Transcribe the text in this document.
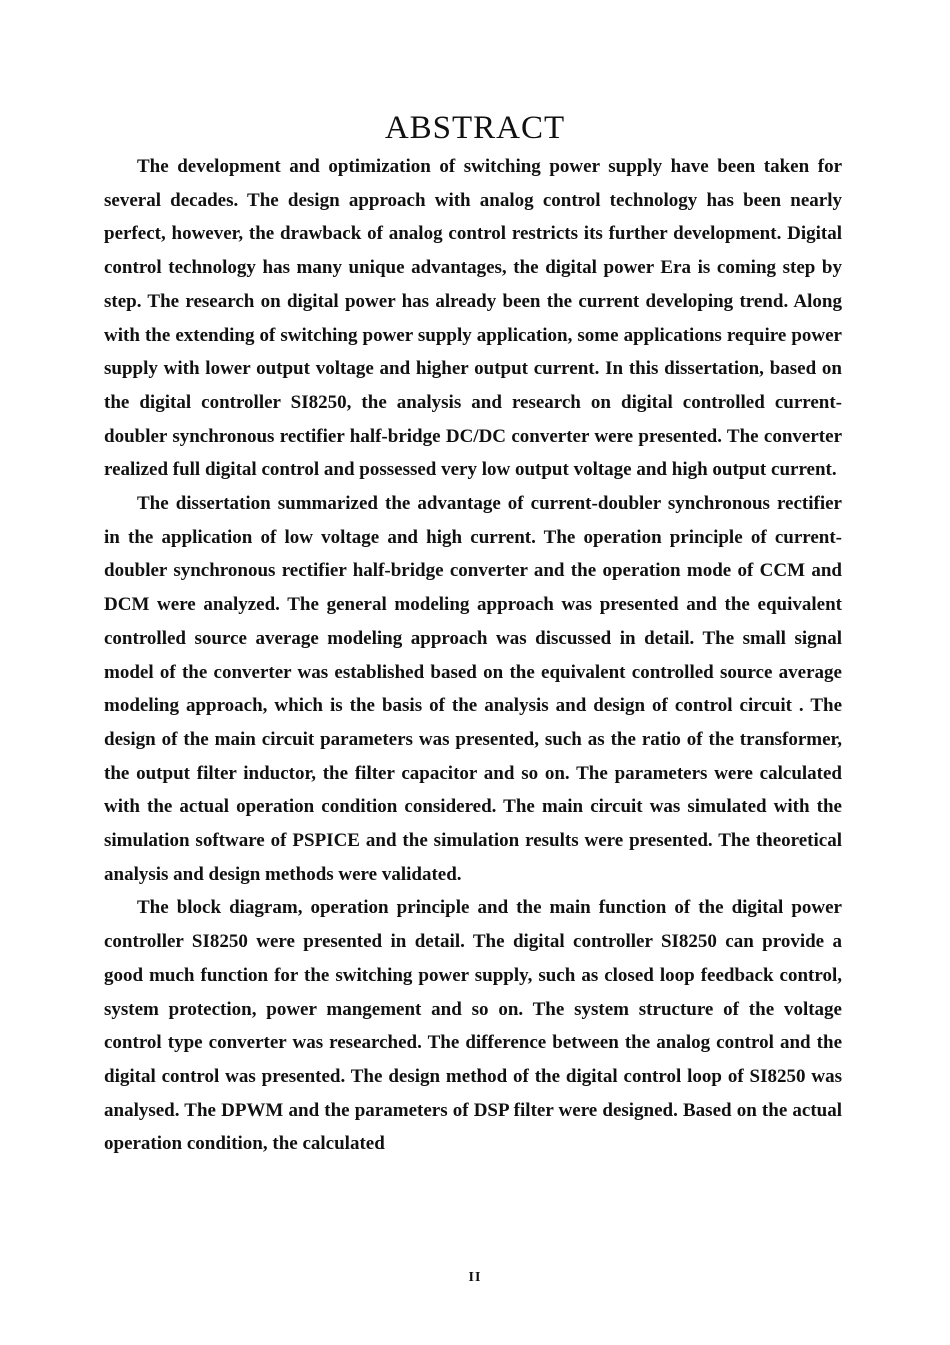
ABSTRACT

The development and optimization of switching power supply have been taken for several decades. The design approach with analog control technology has been nearly perfect, however, the drawback of analog control restricts its further development. Digital control technology has many unique advantages, the digital power Era is coming step by step. The research on digital power has already been the current developing trend. Along with the extending of switching power supply application, some applications require power supply with lower output voltage and higher output current. In this dissertation, based on the digital controller SI8250, the analysis and research on digital controlled current-doubler synchronous rectifier half-bridge DC/DC converter were presented. The converter realized full digital control and possessed very low output voltage and high output current.

The dissertation summarized the advantage of current-doubler synchronous rectifier in the application of low voltage and high current. The operation principle of current-doubler synchronous rectifier half-bridge converter and the operation mode of CCM and DCM were analyzed. The general modeling approach was presented and the equivalent controlled source average modeling approach was discussed in detail. The small signal model of the converter was established based on the equivalent controlled source average modeling approach, which is the basis of the analysis and design of control circuit . The design of the main circuit parameters was presented, such as the ratio of the transformer, the output filter inductor, the filter capacitor and so on. The parameters were calculated with the actual operation condition considered. The main circuit was simulated with the simulation software of PSPICE and the simulation results were presented. The theoretical analysis and design methods were validated.

The block diagram, operation principle and the main function of the digital power controller SI8250 were presented in detail. The digital controller SI8250 can provide a good much function for the switching power supply, such as closed loop feedback control, system protection, power mangement and so on. The system structure of the voltage control type converter was researched. The difference between the analog control and the digital control was presented. The design method of the digital control loop of SI8250 was analysed. The DPWM and the parameters of DSP filter were designed. Based on the actual operation condition, the calculated

II
